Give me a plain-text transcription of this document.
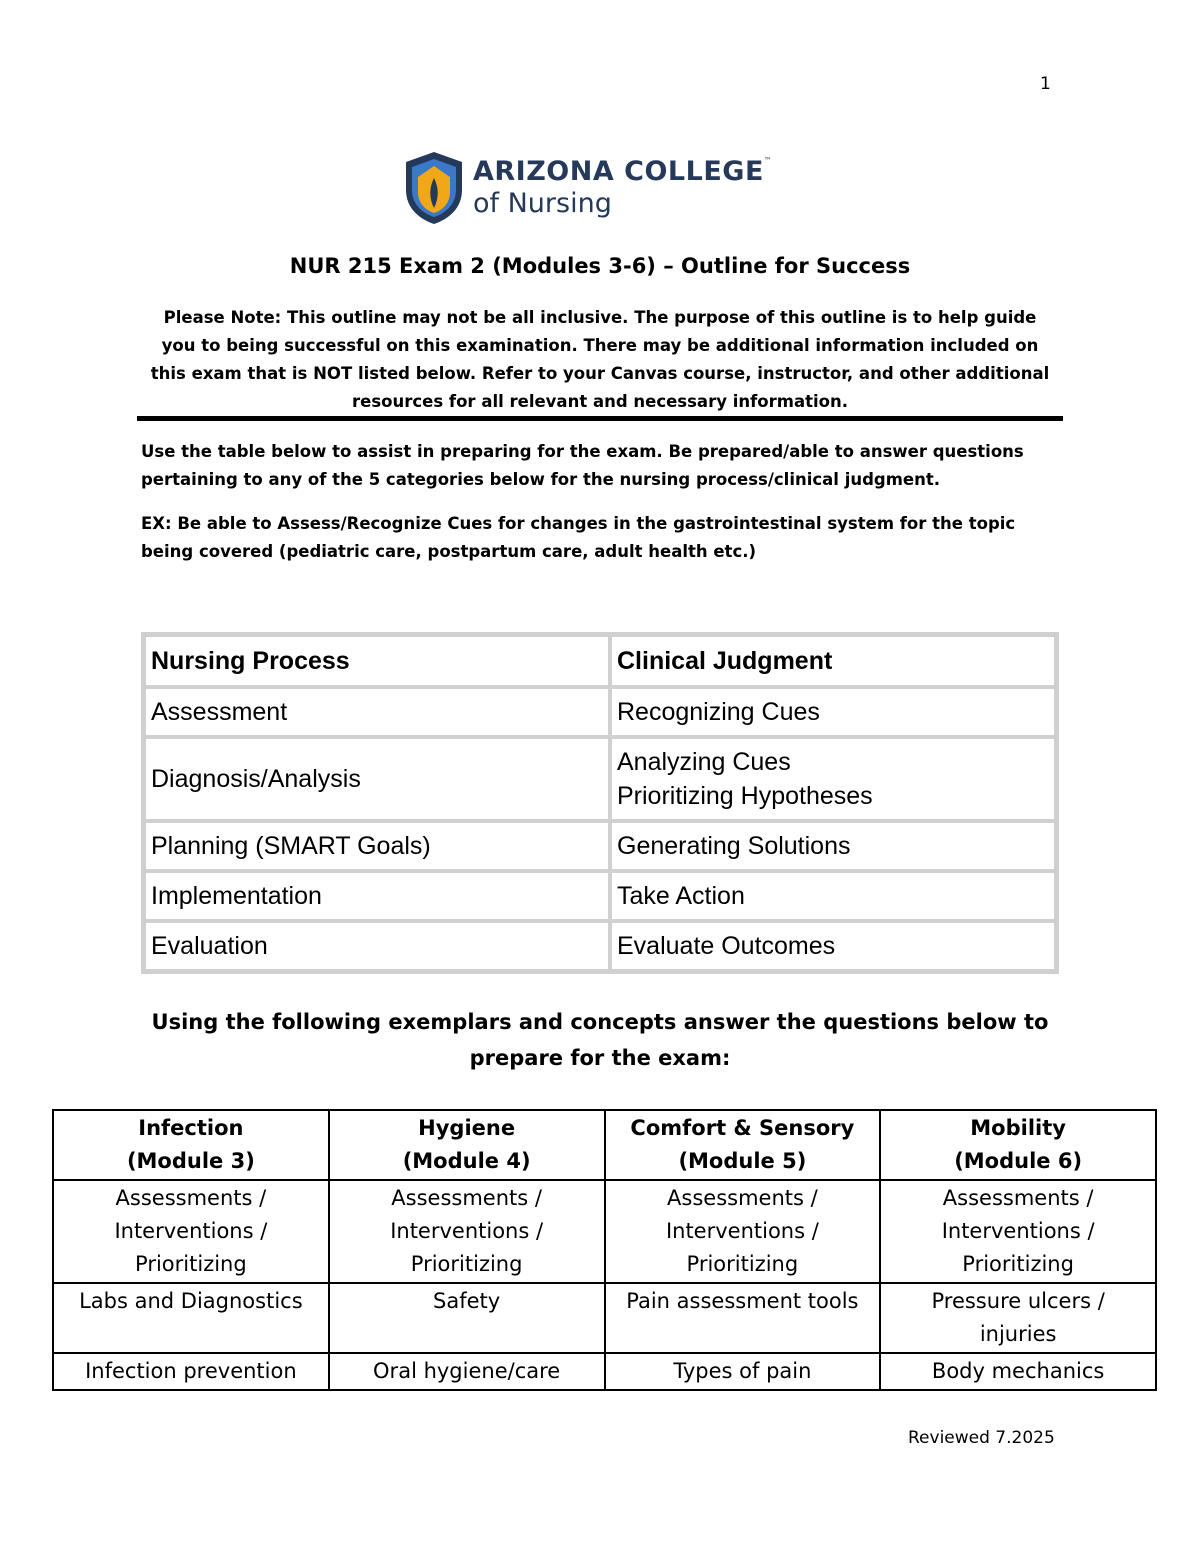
1
ARIZONA COLLEGE™
of Nursing
NUR 215 Exam 2 (Modules 3-6) – Outline for Success
Please Note: This outline may not be all inclusive. The purpose of this outline is to help guide you to being successful on this examination. There may be additional information included on this exam that is NOT listed below. Refer to your Canvas course, instructor, and other additional resources for all relevant and necessary information.
Use the table below to assist in preparing for the exam. Be prepared/able to answer questions pertaining to any of the 5 categories below for the nursing process/clinical judgment.
EX: Be able to Assess/Recognize Cues for changes in the gastrointestinal system for the topic being covered (pediatric care, postpartum care, adult health etc.)
Nursing Process	Clinical Judgment
Assessment	Recognizing Cues
Diagnosis/Analysis	Analyzing Cues
Prioritizing Hypotheses

Planning (SMART Goals)	Generating Solutions
Implementation	Take Action
Evaluation	Evaluate Outcomes
Using the following exemplars and concepts answer the questions below to
prepare for the exam:
Infection
(Module 3)	Hygiene
(Module 4)	Comfort & Sensory
(Module 5)	Mobility
(Module 6)

Assessments /
Interventions /
Prioritizing	Assessments /
Interventions /
Prioritizing	Assessments /
Interventions /
Prioritizing	Assessments /
Interventions /
Prioritizing

Labs and Diagnostics	Safety	Pain assessment tools	Pressure ulcers /
injuries

Infection prevention	Oral hygiene/care	Types of pain	Body mechanics
Reviewed 7.2025
